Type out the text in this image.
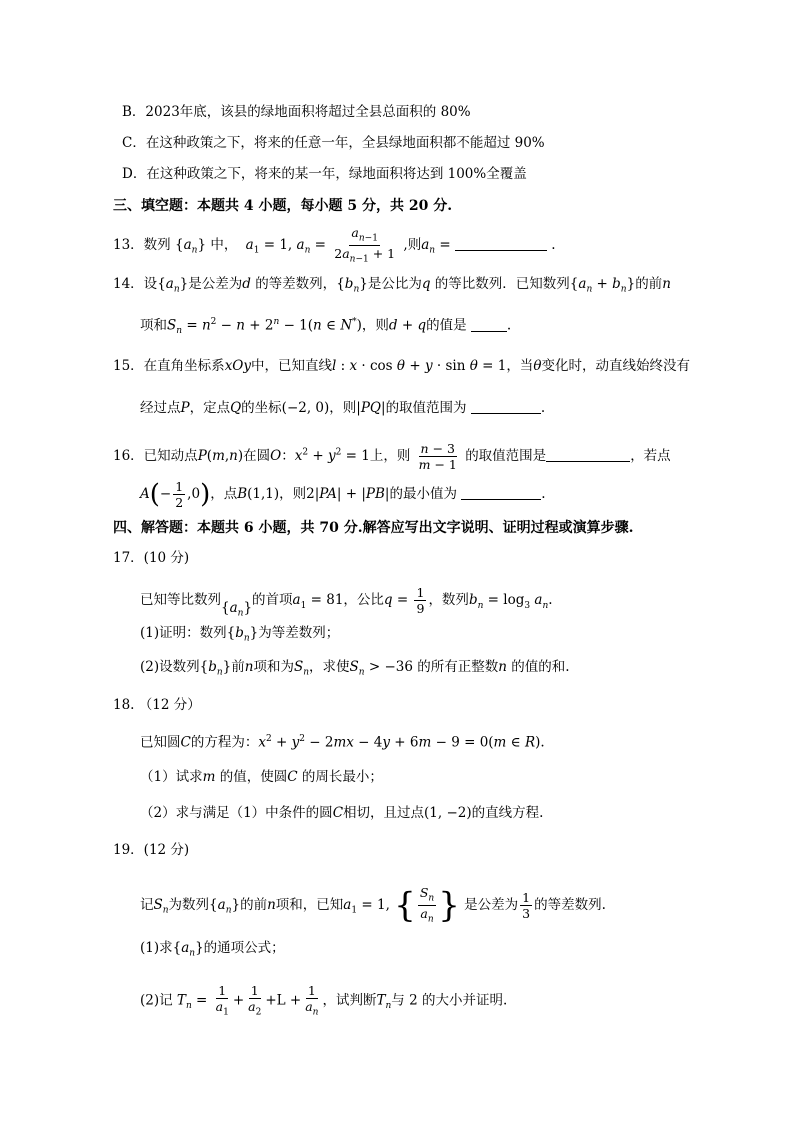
B．2023年底，该县的绿地面积将超过全县总面积的 80%
C．在这种政策之下，将来的任意一年，全县绿地面积都不能超过 90%
D．在这种政策之下，将来的某一年，绿地面积将达到 100%全覆盖
三、填空题：本题共 4 小题，每小题 5 分，共 20 分.
13．数列 $\{a_n\}$ 中， $a_1 = 1$, $a_n = \frac{a_{n-1}}{2a_{n-1} + 1}$ ,则$a_n$ =	.
14．设$\{a_n\}$是公差为d 的等差数列，$\{b_n\}$是公比为q 的等比数列．已知数列$\{a_n + b_n\}$的前n
项和$S_n = n^2 - n + 2^n - 1(n$ ∈ N*)，则d + q的值是	.
15．在直角坐标系xOy中，已知直线l : x · cos θ + y · sin θ = 1，当θ变化时，动直线始终没有
经过点P，定点Q的坐标(−2, 0)，则|PQ|的取值范围为	.
16．已知动点P(m,n)在圆O：$x^2 + y^2 = 1$上，则 $\frac{n - 3}{m - 1}$ 的取值范围是	，若点
$A(- \frac{1}{2} ,0)$，点B(1,1)，则2|PA| + |PB|的最小值为	.
四、解答题：本题共 6 小题，共 70 分.解答应写出文字说明、证明过程或演算步骤.
17．(10 分)
已知等比数列$\{a_n\}$的首项$a_1 = 81$，公比$q = \frac{1}{9}$ ，数列$b_n = \log_3 a_n$.
(1)证明：数列$\{b_n\}$为等差数列；
(2)设数列$\{b_n\}$前n项和为$S_n$，求使$S_n > -36$ 的所有正整数n 的值的和.
18. （12 分）
已知圆C的方程为：$x^2 + y^2 - 2mx - 4y + 6m - 9 = 0(m$ ∈ R).
（1）试求m 的值，使圆C 的周长最小；
（2）求与满足（1）中条件的圆C相切，且过点(1, −2)的直线方程.
19．(12 分)
记$S_n$为数列$\{a_n\}$的前n项和，已知$a_1 = 1$, { $\frac{S_n}{a_n}$ } 是公差为 $\frac{1}{3}$ 的等差数列.
(1)求$\{a_n\}$的通项公式；
(2)记 $T_n = \frac{1}{a_1} + \frac{1}{a_2} +L + \frac{1}{a_n}$ ，试判断$T_n$与 2 的大小并证明.
